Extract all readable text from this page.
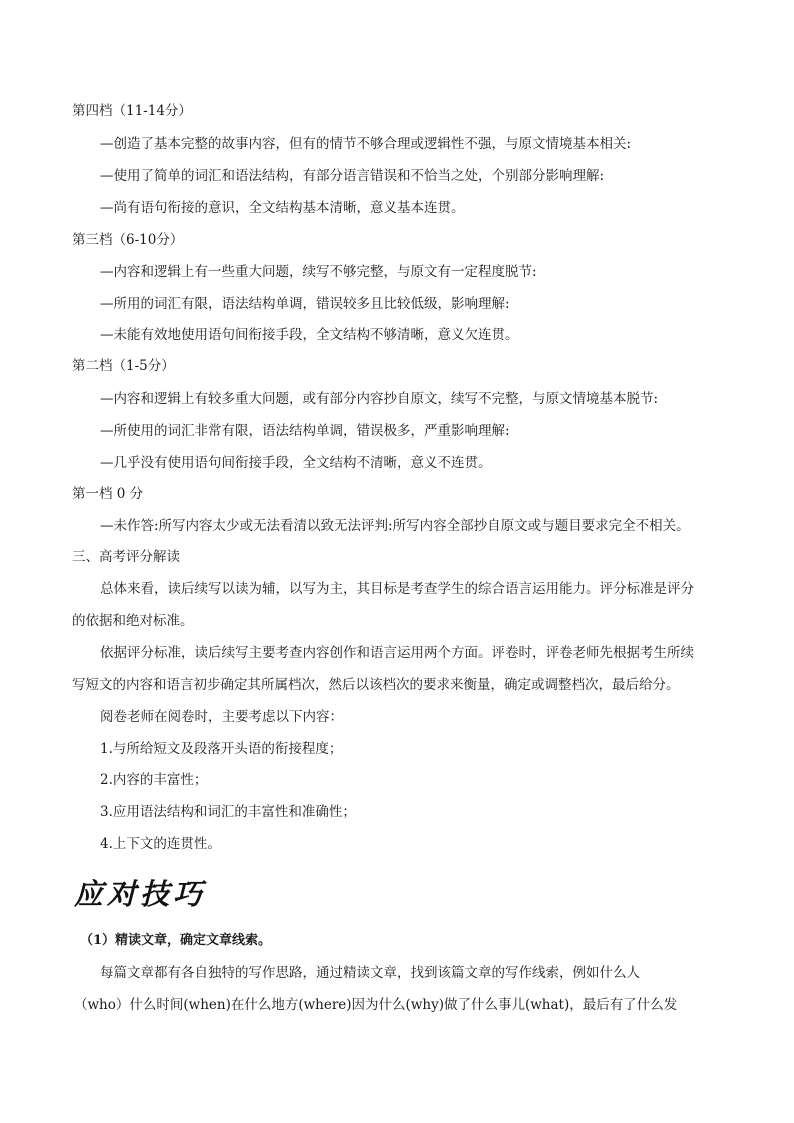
第四档（11-14分）
—创造了基本完整的故事内容，但有的情节不够合理或逻辑性不强，与原文情境基本相关:
—使用了简单的词汇和语法结构，有部分语言错误和不恰当之处，个别部分影响理解:
—尚有语句衔接的意识，全文结构基本清晰，意义基本连贯。
第三档（6-10分）
—内容和逻辑上有一些重大问题，续写不够完整，与原文有一定程度脱节:
—所用的词汇有限，语法结构单调，错误较多且比较低级，影响理解:
—未能有效地使用语句间衔接手段，全文结构不够清晰，意义欠连贯。
第二档（1-5分）
—内容和逻辑上有较多重大问题，或有部分内容抄自原文，续写不完整，与原文情境基本脱节:
—所使用的词汇非常有限，语法结构单调，错误极多，严重影响理解:
—几乎没有使用语句间衔接手段，全文结构不清晰，意义不连贯。
第一档 0 分
—未作答:所写内容太少或无法看清以致无法评判:所写内容全部抄自原文或与题目要求完全不相关。
三、高考评分解读
总体来看，读后续写以读为辅，以写为主，其目标是考查学生的综合语言运用能力。评分标准是评分
的依据和绝对标准。
依据评分标准，读后续写主要考查内容创作和语言运用两个方面。评卷时，评卷老师先根据考生所续
写短文的内容和语言初步确定其所属档次，然后以该档次的要求来衡量，确定或调整档次，最后给分。
阅卷老师在阅卷时，主要考虑以下内容：
1.与所给短文及段落开头语的衔接程度；
2.内容的丰富性；
3.应用语法结构和词汇的丰富性和准确性；
4.上下文的连贯性。
应对技巧
（1）精读文章，确定文章线索。
每篇文章都有各自独特的写作思路，通过精读文章，找到该篇文章的写作线索，例如什么人
（who）什么时间(when)在什么地方(where)因为什么(why)做了什么事儿(what)，最后有了什么发
